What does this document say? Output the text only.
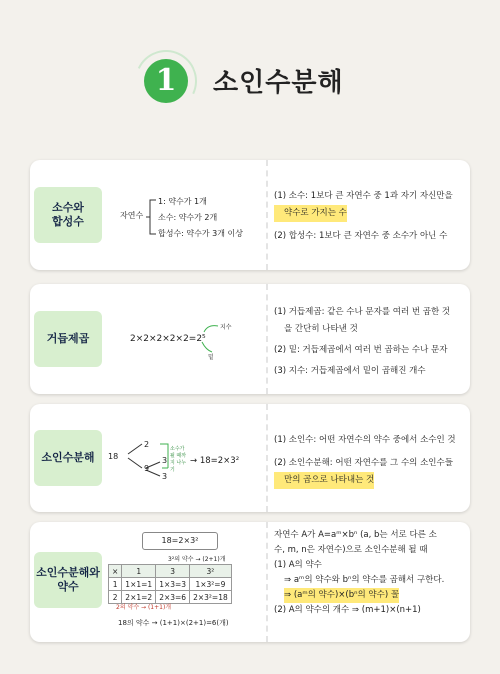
1	소인수분해
소수와
합성수	자연수
1: 약수가 1개
소수: 약수가 2개
합성수: 약수가 3개 이상

(1) 소수: 1보다 큰 자연수 중 1과 자기 자신만을

약수로 가지는 수

(2) 합성수: 1보다 큰 자연수 중 소수가 아닌 수

거듭제곱	2×2×2×2×2=2⁵
지수
밑

(1) 거듭제곱: 같은 수나 문자를 여러 번 곱한 것

을 간단히 나타낸 것

(2) 밑: 거듭제곱에서 여러 번 곱하는 수나 문자

(3) 지수: 거듭제곱에서 밑이 곱해진 개수

소인수분해	18
2
9
3
3
소수가 될 때까지 나누기
→ 18=2×3²

(1) 소인수: 어떤 자연수의 약수 중에서 소수인 것

(2) 소인수분해: 어떤 자연수를 그 수의 소인수들

만의 곱으로 나타내는 것

소인수분해와
약수
18=2×3²
3²의 약수 → (2+1)개
×	1	3	3²
1	1×1=1	1×3=3	1×3²=9
2	2×1=2	2×3=6	2×3²=18
2의 약수 → (1+1)개
18의 약수 → (1+1)×(2+1)=6(개)

자연수 A가 A=aᵐ×bⁿ (a, b는 서로 다른 소

수, m, n은 자연수)으로 소인수분해 될 때

(1) A의 약수

⇒ aᵐ의 약수와 bⁿ의 약수를 곱해서 구한다.

⇒ (aᵐ의 약수)×(bⁿ의 약수) 꼴

(2) A의 약수의 개수 ⇒ (m+1)×(n+1)
